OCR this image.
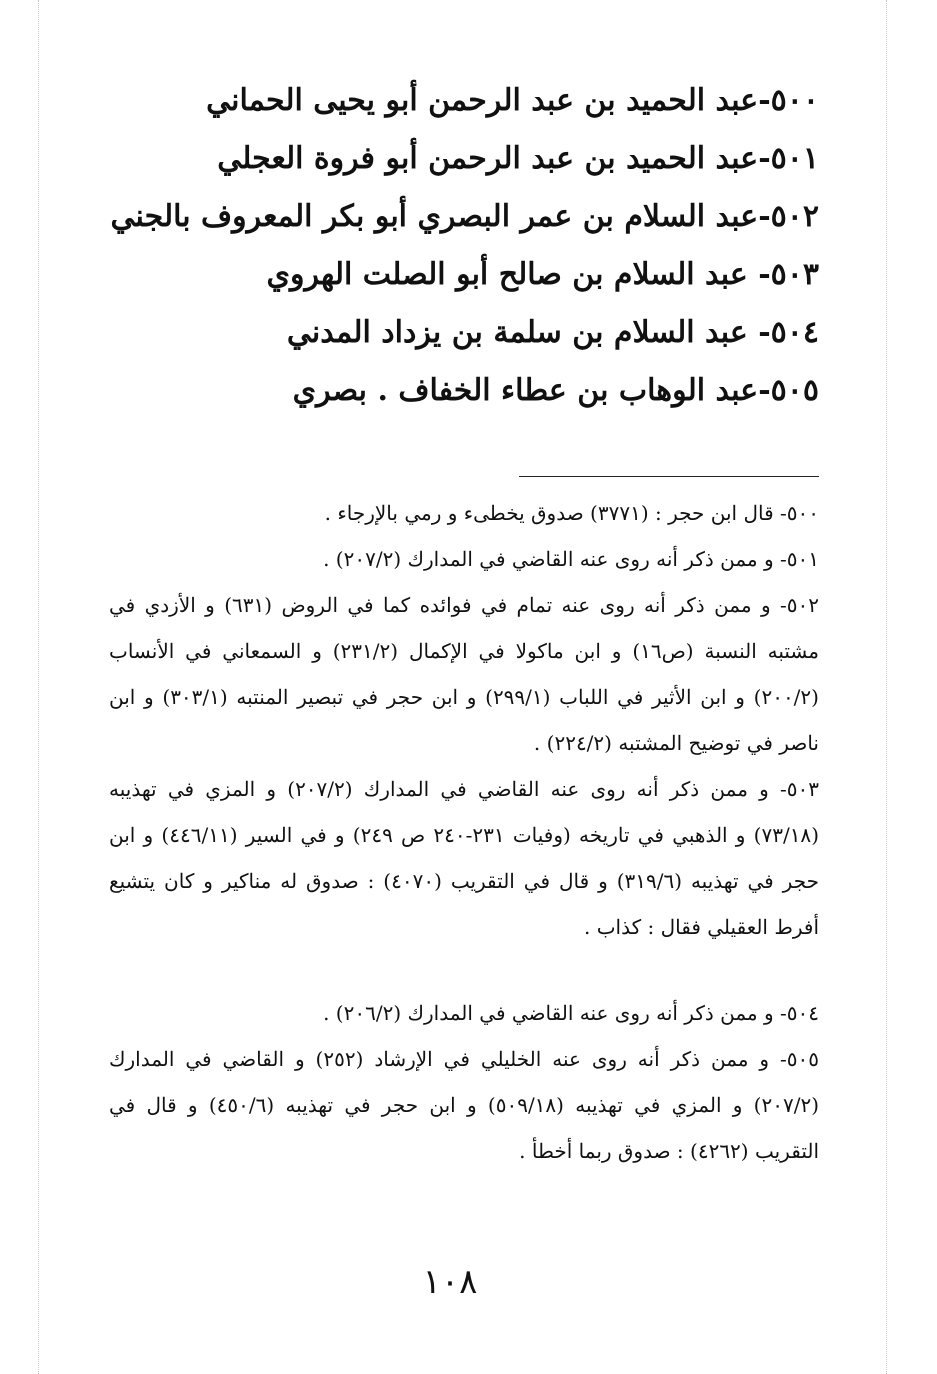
٥٠٠-عبد الحميد بن عبد الرحمن أبو يحيى الحماني
٥٠١-عبد الحميد بن عبد الرحمن أبو فروة العجلي
٥٠٢-عبد السلام بن عمر البصري أبو بكر المعروف بالجني
٥٠٣- عبد السلام بن صالح أبو الصلت الهروي
٥٠٤- عبد السلام بن سلمة بن يزداد المدني
٥٠٥-عبد الوهاب بن عطاء الخفاف . بصري

٥٠٠- قال ابن حجر : (٣٧٧١) صدوق يخطىء و رمي بالإرجاء .

٥٠١- و ممن ذكر أنه روى عنه القاضي في المدارك (٢٠٧/٢) .

٥٠٢- و ممن ذكر أنه روى عنه تمام في فوائده كما في الروض (٦٣١) و الأزدي في مشتبه النسبة (ص١٦) و ابن ماكولا في الإكمال (٢٣١/٢) و السمعاني في الأنساب (٢٠٠/٢) و ابن الأثير في اللباب (٢٩٩/١) و ابن حجر في تبصير المنتبه (٣٠٣/١) و ابن ناصر في توضيح المشتبه (٢٢٤/٢) .

٥٠٣- و ممن ذكر أنه روى عنه القاضي في المدارك (٢٠٧/٢) و المزي في تهذيبه (٧٣/١٨) و الذهبي في تاريخه (وفيات ٢٣١-٢٤٠ ص ٢٤٩) و في السير (٤٤٦/١١) و ابن حجر في تهذيبه (٣١٩/٦) و قال في التقريب (٤٠٧٠) : صدوق له مناكير و كان يتشيع أفرط العقيلي فقال : كذاب .

٥٠٤- و ممن ذكر أنه روى عنه القاضي في المدارك (٢٠٦/٢) .

٥٠٥- و ممن ذكر أنه روى عنه الخليلي في الإرشاد (٢٥٢) و القاضي في المدارك (٢٠٧/٢) و المزي في تهذيبه (٥٠٩/١٨) و ابن حجر في تهذيبه (٤٥٠/٦) و قال في التقريب (٤٢٦٢) : صدوق ربما أخطأ .

١٠٨
